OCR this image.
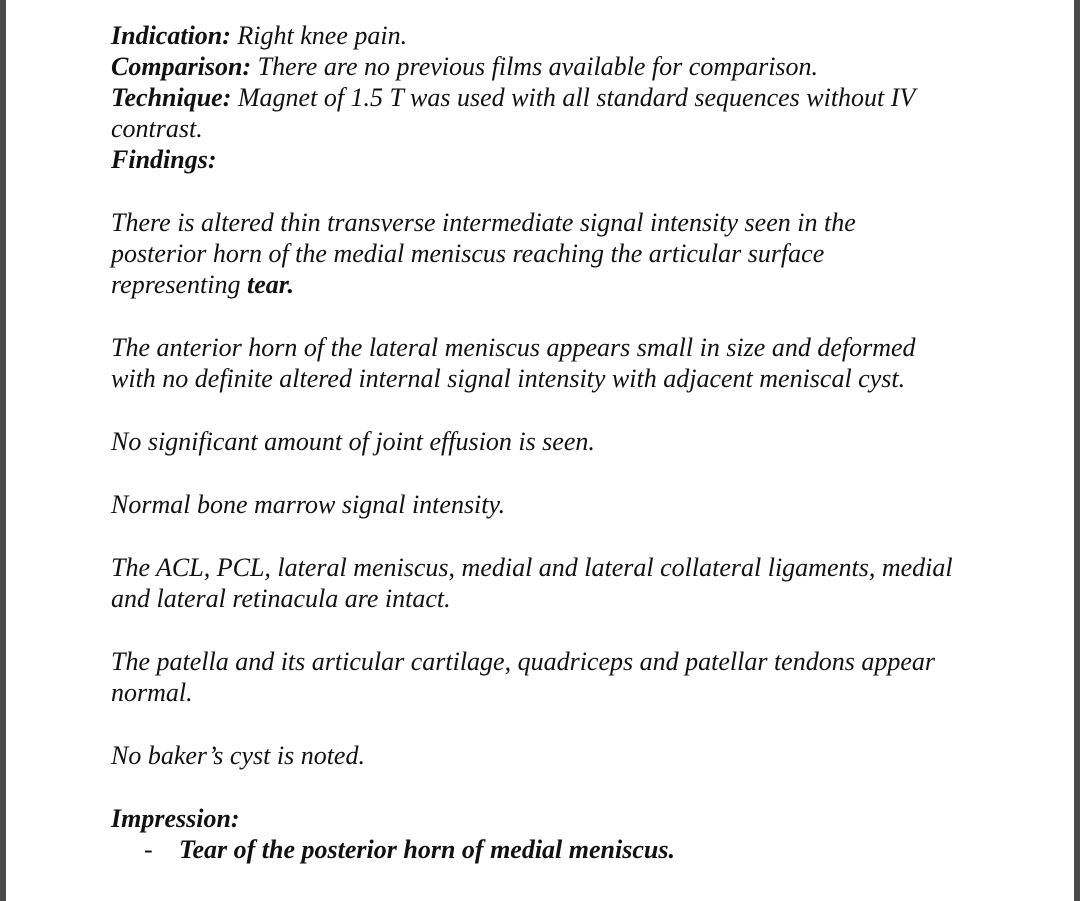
Indication: Right knee pain.

Comparison: There are no previous films available for comparison.

Technique: Magnet of 1.5 T was used with all standard sequences without IV

contrast.

Findings:

There is altered thin transverse intermediate signal intensity seen in the

posterior horn of the medial meniscus reaching the articular surface

representing tear.

The anterior horn of the lateral meniscus appears small in size and deformed

with no definite altered internal signal intensity with adjacent meniscal cyst.

No significant amount of joint effusion is seen.

Normal bone marrow signal intensity.

The ACL, PCL, lateral meniscus, medial and lateral collateral ligaments, medial

and lateral retinacula are intact.

The patella and its articular cartilage, quadriceps and patellar tendons appear

normal.

No baker’s cyst is noted.

Impression:

- Tear of the posterior horn of medial meniscus.
